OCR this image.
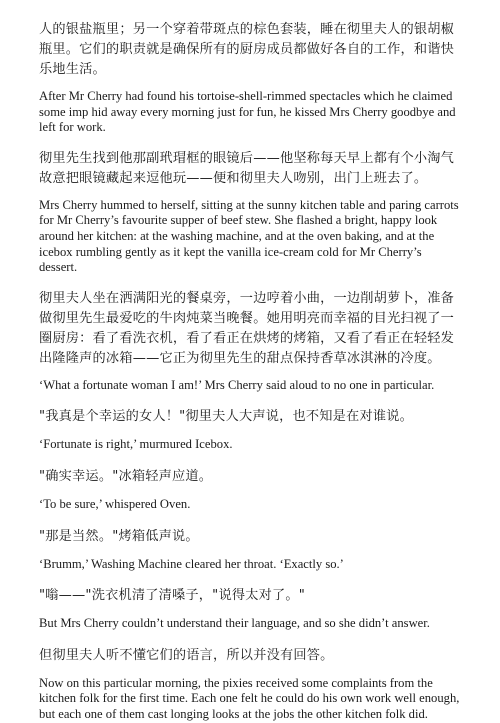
人的银盐瓶里；另一个穿着带斑点的棕色套装，睡在彻里夫人的银胡椒瓶里。它们的职责就是确保所有的厨房成员都做好各自的工作，和谐快乐地生活。

After Mr Cherry had found his tortoise-shell-rimmed spectacles which he claimed some imp hid away every morning just for fun, he kissed Mrs Cherry goodbye and left for work.

彻里先生找到他那副玳瑁框的眼镜后——他坚称每天早上都有个小淘气故意把眼镜藏起来逗他玩——便和彻里夫人吻别，出门上班去了。

Mrs Cherry hummed to herself, sitting at the sunny kitchen table and paring carrots for Mr Cherry’s favourite supper of beef stew. She flashed a bright, happy look around her kitchen: at the washing machine, and at the oven baking, and at the icebox rumbling gently as it kept the vanilla ice-cream cold for Mr Cherry’s dessert.

彻里夫人坐在洒满阳光的餐桌旁，一边哼着小曲，一边削胡萝卜，准备做彻里先生最爱吃的牛肉炖菜当晚餐。她用明亮而幸福的目光扫视了一圈厨房：看了看洗衣机，看了看正在烘烤的烤箱，又看了看正在轻轻发出隆隆声的冰箱——它正为彻里先生的甜点保持香草冰淇淋的冷度。

‘What a fortunate woman I am!’ Mrs Cherry said aloud to no one in particular.

"我真是个幸运的女人！"彻里夫人大声说，也不知是在对谁说。

‘Fortunate is right,’ murmured Icebox.

"确实幸运。"冰箱轻声应道。

‘To be sure,’ whispered Oven.

"那是当然。"烤箱低声说。

‘Brumm,’ Washing Machine cleared her throat. ‘Exactly so.’

"嗡——"洗衣机清了清嗓子，"说得太对了。"

But Mrs Cherry couldn’t understand their language, and so she didn’t answer.

但彻里夫人听不懂它们的语言，所以并没有回答。

Now on this particular morning, the pixies received some complaints from the kitchen folk for the first time. Each one felt he could do his own work well enough, but each one of them cast longing looks at the jobs the other kitchen folk did.
